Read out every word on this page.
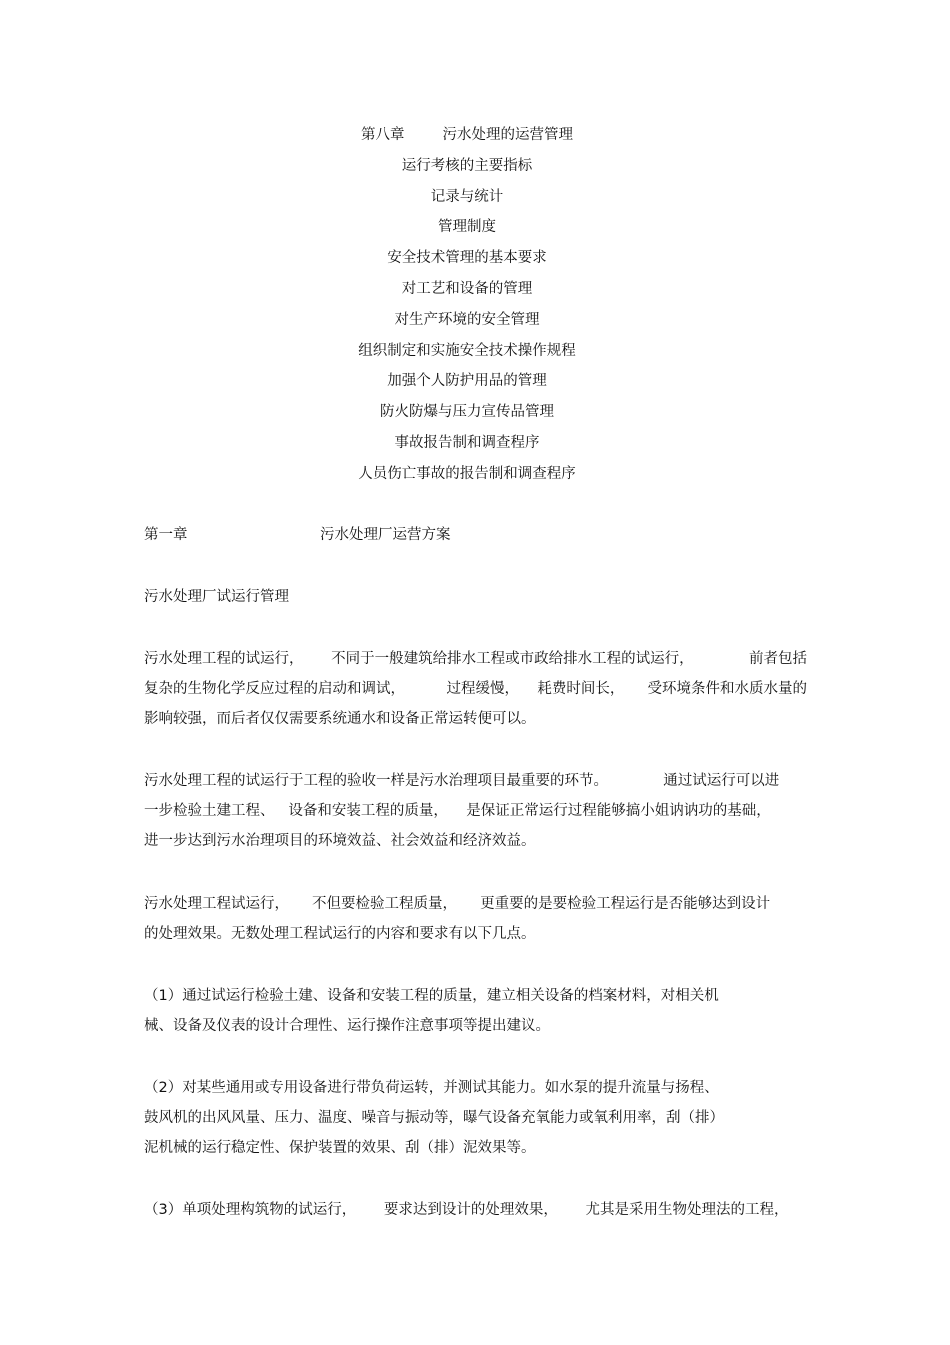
第八章	污水处理的运营管理
运行考核的主要指标
记录与统计
管理制度
安全技术管理的基本要求
对工艺和设备的管理
对生产环境的安全管理
组织制定和实施安全技术操作规程
加强个人防护用品的管理
防火防爆与压力宣传品管理
事故报告制和调查程序
人员伤亡事故的报告制和调查程序
第一章	污水处理厂运营方案
污水处理厂试运行管理
污水处理工程的试运行，      不同于一般建筑给排水工程或市政给排水工程的试运行，            前者包括
复杂的生物化学反应过程的启动和调试，         过程缓慢，    耗费时间长，     受环境条件和水质水量的
影响较强，而后者仅仅需要系统通水和设备正常运转便可以。
污水处理工程的试运行于工程的验收一样是污水治理项目最重要的环节。            通过试运行可以进
一步检验土建工程、   设备和安装工程的质量，    是保证正常运行过程能够搞小姐讷讷功的基础，
进一步达到污水治理项目的环境效益、社会效益和经济效益。
污水处理工程试运行，     不但要检验工程质量，     更重要的是要检验工程运行是否能够达到设计
的处理效果。无数处理工程试运行的内容和要求有以下几点。
（1）通过试运行检验土建、设备和安装工程的质量，建立相关设备的档案材料，对相关机
械、设备及仪表的设计合理性、运行操作注意事项等提出建议。
（2）对某些通用或专用设备进行带负荷运转，并测试其能力。如水泵的提升流量与扬程、
鼓风机的出风风量、压力、温度、噪音与振动等，曝气设备充氧能力或氧利用率，刮（排）
泥机械的运行稳定性、保护装置的效果、刮（排）泥效果等。
（3）单项处理构筑物的试运行，      要求达到设计的处理效果，      尤其是采用生物处理法的工程，
